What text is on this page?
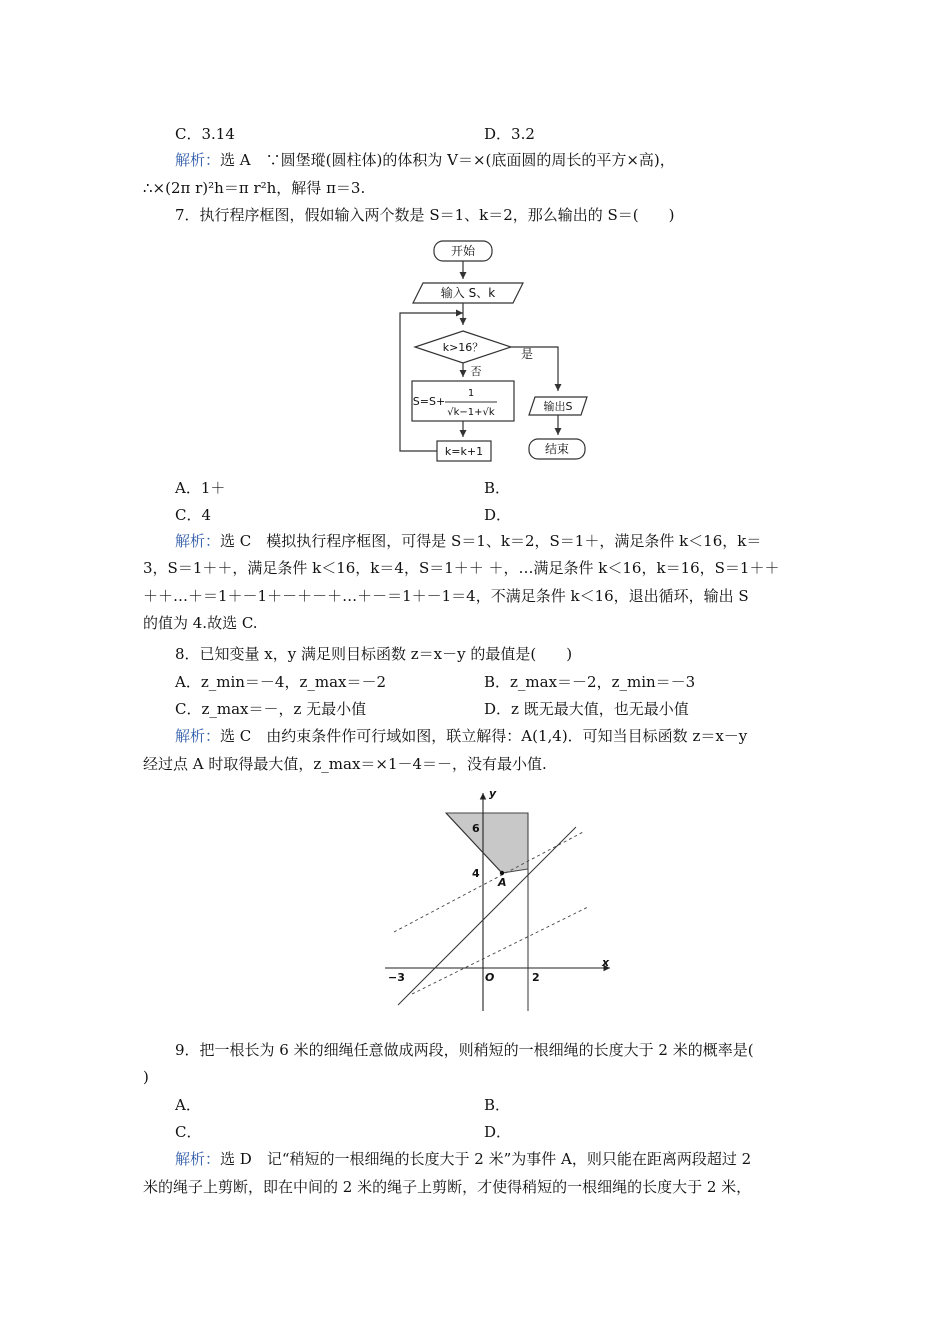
C．3.14	D．3.2
解析：选 A　 ∵圆堡瑽(圆柱体)的体积为 V＝×(底面圆的周长的平方×高)，
∴×(2π r)²h＝π r²h，解得 π＝3.
7．执行程序框图，假如输入两个数是 S＝1、k＝2，那么输出的 S＝(　　)
开始
输入 S、k
k>16？	是
否
S=S+
1
√k−1+√k
k=k+1
输出S
结束
A．1＋	B．
C．4	D．
解析：选 C　 模拟执行程序框图，可得是 S＝1、k＝2，S＝1＋，满足条件 k＜16，k＝
3，S＝1＋＋，满足条件 k＜16，k＝4，S＝1＋＋ ＋，…满足条件 k＜16，k＝16，S＝1＋＋
＋＋…＋＝1＋－1＋－＋－＋…＋－＝1＋－1＝4，不满足条件 k＜16，退出循环，输出 S
的值为 4.故选 C.
8．已知变量 x，y 满足则目标函数 z＝x－y 的最值是(　　)
A．z_min＝－4，z_max＝－2	B．z_max＝－2，z_min＝－3
C．z_max＝－，z 无最小值	D．z 既无最大值，也无最小值
解析：选 C　 由约束条件作可行域如图，联立解得：A(1,4)．可知当目标函数 z＝x－y
经过点 A 时取得最大值，z_max＝×1－4＝－，没有最小值.
x
y
O
A
−3	2
4
6
9．把一根长为 6 米的细绳任意做成两段，则稍短的一根细绳的长度大于 2 米的概率是(
)
A．	B．
C．	D．
解析：选 D　 记“稍短的一根细绳的长度大于 2 米”为事件 A，则只能在距离两段超过 2
米的绳子上剪断，即在中间的 2 米的绳子上剪断，才使得稍短的一根细绳的长度大于 2 米，
